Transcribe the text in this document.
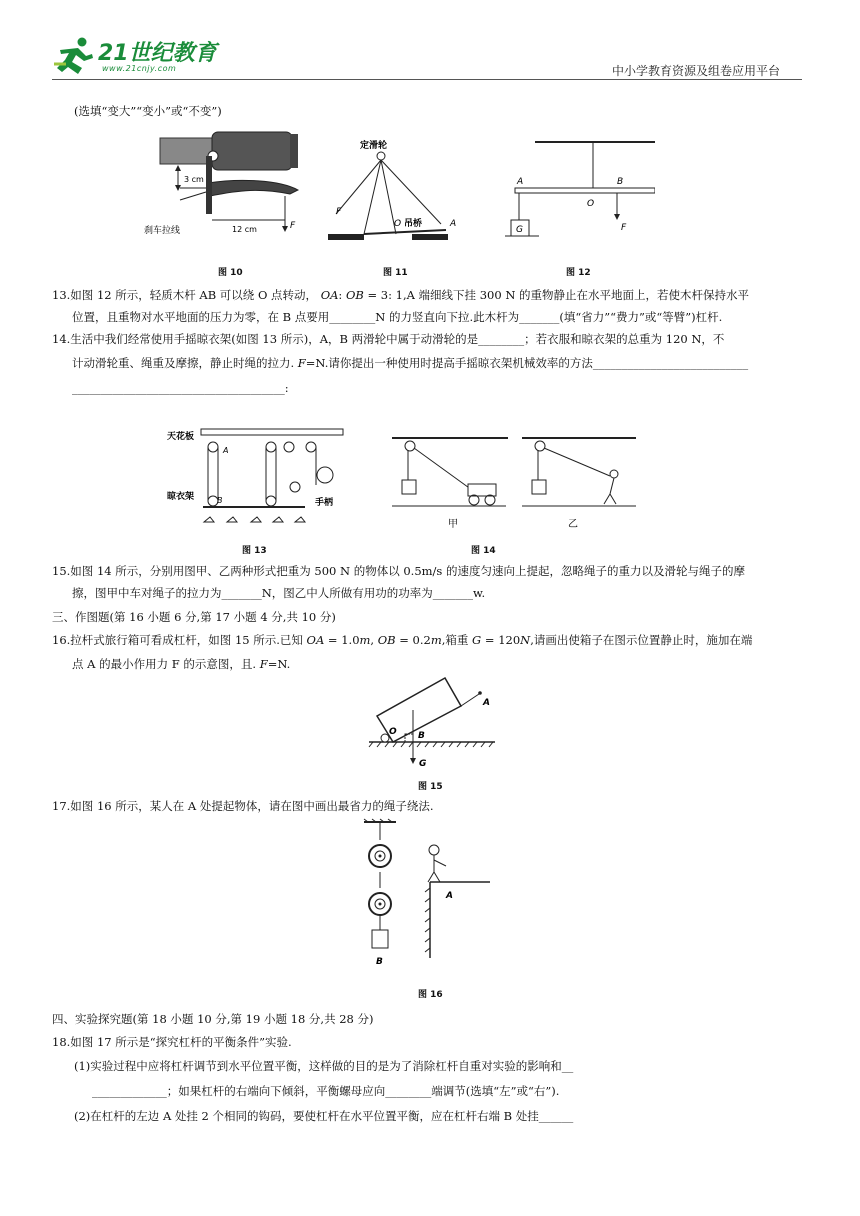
21世纪教育
www.21cnjy.com	中小学教育资源及组卷应用平台
(选填“变大”“变小”或“不变”)
3 cm
12 cm	F
刹车拉线
图 10
定滑轮
F
O 吊桥	A
图 11
A	B
O
G	F
图 12
13.如图 12 所示，轻质木杆 AB 可以绕 O 点转动， 𝑂𝐴: 𝑂𝐵 = 3: 1,A 端细线下挂 300 N 的重物静止在水平地面上，若使木杆保持水平
位置，且重物对水平地面的压力为零，在 B 点要用________N 的力竖直向下拉.此木杆为_______(填“省力”“费力”或“等臂”)杠杆.
14.生活中我们经常使用手摇晾衣架(如图 13 所示)，A，B 两滑轮中属于动滑轮的是________；若衣服和晾衣架的总重为 120 N，不
计动滑轮重、绳重及摩擦，静止时绳的拉力. 𝐹=N.请你提出一种使用时提高手摇晾衣架机械效率的方法___________________________
_____________________________________:
天花板
A
晾衣架	B	手柄
图 13
甲	乙
图 14
15.如图 14 所示，分别用图甲、乙两种形式把重为 500 N 的物体以 0.5m/s 的速度匀速向上提起，忽略绳子的重力以及滑轮与绳子的摩
擦，图甲中车对绳子的拉力为_______N，图乙中人所做有用功的功率为_______w.
三、作图题(第 16 小题 6 分,第 17 小题 4 分,共 10 分)
16.拉杆式旅行箱可看成杠杆，如图 15 所示.已知 𝑂𝐴 = 1.0𝑚, 𝑂𝐵 = 0.2𝑚,箱重 𝐺 = 120𝑁,请画出使箱子在图示位置静止时，施加在端
点 A 的最小作用力 F 的示意图，且. 𝐹=N.
A
O B
G
图 15
17.如图 16 所示，某人在 A 处提起物体，请在图中画出最省力的绳子绕法.
B
A
图 16
四、实验探究题(第 18 小题 10 分,第 19 小题 18 分,共 28 分)
18.如图 17 所示是“探究杠杆的平衡条件”实验.
(1)实验过程中应将杠杆调节到水平位置平衡，这样做的目的是为了消除杠杆自重对实验的影响和__
_____________；如果杠杆的右端向下倾斜，平衡螺母应向________端调节(选填“左”或“右”).
(2)在杠杆的左边 A 处挂 2 个相同的钩码，要使杠杆在水平位置平衡，应在杠杆右端 B 处挂______
